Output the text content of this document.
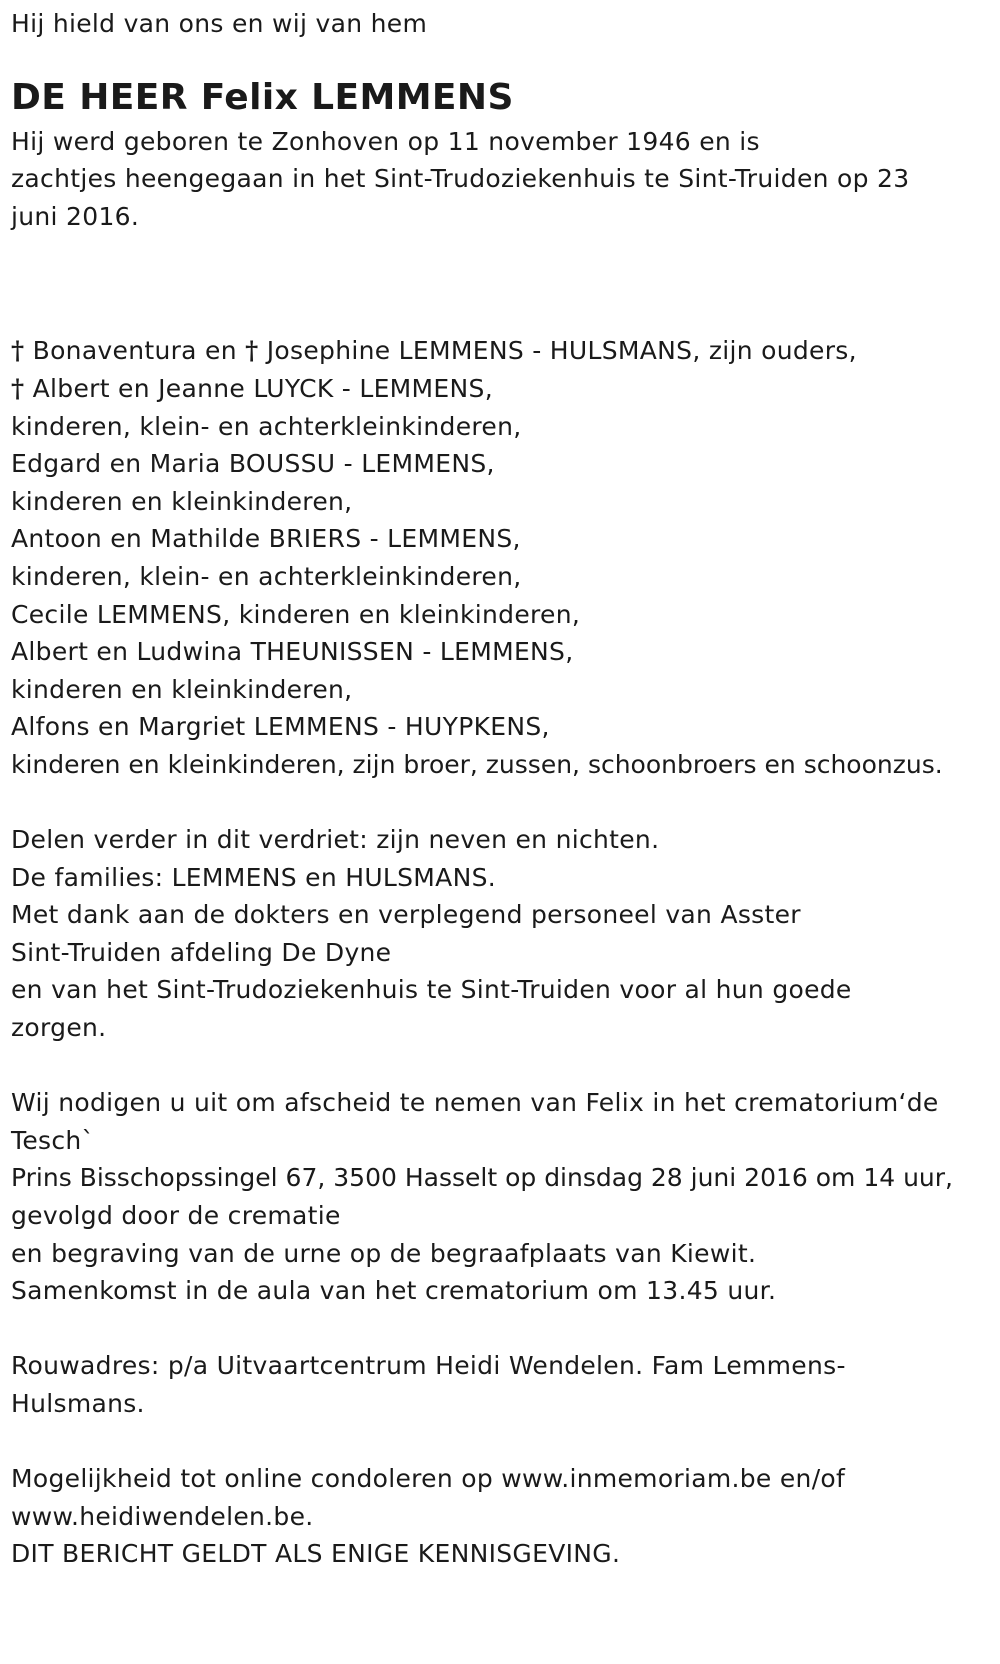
Hij hield van ons en wij van hem
DE HEER Felix LEMMENS
Hij werd geboren te Zonhoven op 11 november 1946 en is
zachtjes heengegaan in het Sint-Trudoziekenhuis te Sint-Truiden op 23
juni 2016.
† Bonaventura en † Josephine LEMMENS - HULSMANS, zijn ouders,
† Albert en Jeanne LUYCK - LEMMENS,
kinderen, klein- en achterkleinkinderen,
Edgard en Maria BOUSSU - LEMMENS,
kinderen en kleinkinderen,
Antoon en Mathilde BRIERS - LEMMENS,
kinderen, klein- en achterkleinkinderen,
Cecile LEMMENS, kinderen en kleinkinderen,
Albert en Ludwina THEUNISSEN - LEMMENS,
kinderen en kleinkinderen,
Alfons en Margriet LEMMENS - HUYPKENS,
kinderen en kleinkinderen, zijn broer, zussen, schoonbroers en schoonzus.
Delen verder in dit verdriet: zijn neven en nichten.
De families: LEMMENS en HULSMANS.
Met dank aan de dokters en verplegend personeel van Asster
Sint-Truiden afdeling De Dyne
en van het Sint-Trudoziekenhuis te Sint-Truiden voor al hun goede
zorgen.
Wij nodigen u uit om afscheid te nemen van Felix in het crematorium‘de
Tesch`
Prins Bisschopssingel 67, 3500 Hasselt op dinsdag 28 juni 2016 om 14 uur,
gevolgd door de crematie
en begraving van de urne op de begraafplaats van Kiewit.
Samenkomst in de aula van het crematorium om 13.45 uur.
Rouwadres: p/a Uitvaartcentrum Heidi Wendelen. Fam Lemmens-
Hulsmans.
Mogelijkheid tot online condoleren op www.inmemoriam.be en/of
www.heidiwendelen.be.
DIT BERICHT GELDT ALS ENIGE KENNISGEVING.
